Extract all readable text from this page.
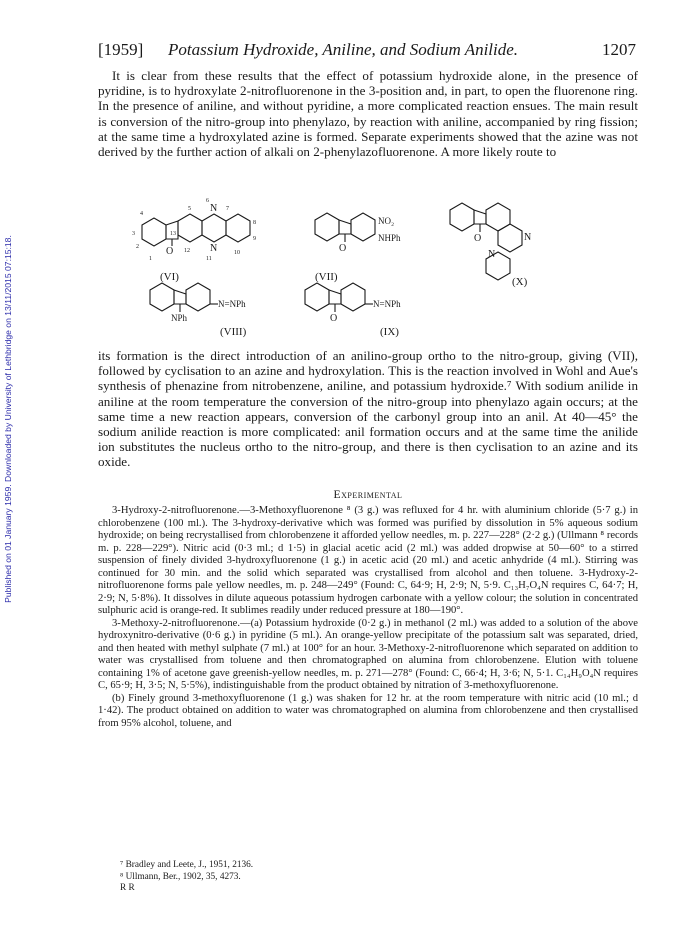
Published on 01 January 1959. Downloaded by University of Lethbridge on 13/11/2015 07:15:18.
[1959] Potassium Hydroxide, Aniline, and Sodium Anilide.	1207

It is clear from these results that the effect of potassium hydroxide alone, in the presence of pyridine, is to hydroxylate 2-nitrofluorenone in the 3-position and, in part, to open the fluorenone ring. In the presence of aniline, and without pyridine, a more complicated reaction ensues. The main result is conversion of the nitro-group into phenylazo, by reaction with aniline, accompanied by ring fission; at the same time a hydroxylated azine is formed. Separate experiments showed that the azine was not derived by the further action of alkali on 2-phenylazofluorenone. A more likely route to

O
N
N
4
3
2
1
5
6
7
8
9
10
11
12
13
(VI)
O
NO₂
NHPh
(VII)
O	N
N
(X)
NPh
N=NPh
(VIII)
O
N=NPh
(IX)

its formation is the direct introduction of an anilino-group ortho to the nitro-group, giving (VII), followed by cyclisation to an azine and hydroxylation. This is the reaction involved in Wohl and Aue's synthesis of phenazine from nitrobenzene, aniline, and potassium hydroxide.⁷ With sodium anilide in aniline at the room temperature the conversion of the nitro-group into phenylazo again occurs; at the same time a new reaction appears, conversion of the carbonyl group into an anil. At 40—45° the sodium anilide reaction is more complicated: anil formation occurs and at the same time the anilide ion substitutes the nucleus ortho to the nitro-group, and there is then cyclisation to an azine and its oxide.

Experimental

3-Hydroxy-2-nitrofluorenone.—3-Methoxyfluorenone ⁸ (3 g.) was refluxed for 4 hr. with aluminium chloride (5·7 g.) in chlorobenzene (100 ml.). The 3-hydroxy-derivative which was formed was purified by dissolution in 5% aqueous sodium hydroxide; on being recrystallised from chlorobenzene it afforded yellow needles, m. p. 227—228° (2·2 g.) (Ullmann ⁸ records m. p. 228—229°). Nitric acid (0·3 ml.; d 1·5) in glacial acetic acid (2 ml.) was added dropwise at 50—60° to a stirred suspension of finely divided 3-hydroxyfluorenone (1 g.) in acetic acid (20 ml.) and acetic anhydride (4 ml.). Stirring was continued for 30 min. and the solid which separated was crystallised from alcohol and then toluene. 3-Hydroxy-2-nitrofluorenone forms pale yellow needles, m. p. 248—249° (Found: C, 64·9; H, 2·9; N, 5·9. C₁₃H₇O₄N requires C, 64·7; H, 2·9; N, 5·8%). It dissolves in dilute aqueous potassium hydrogen carbonate with a yellow colour; the solution in concentrated sulphuric acid is orange-red. It sublimes readily under reduced pressure at 180—190°.

3-Methoxy-2-nitrofluorenone.—(a) Potassium hydroxide (0·2 g.) in methanol (2 ml.) was added to a solution of the above hydroxynitro-derivative (0·6 g.) in pyridine (5 ml.). An orange-yellow precipitate of the potassium salt was separated, dried, and then heated with methyl sulphate (7 ml.) at 100° for an hour. 3-Methoxy-2-nitrofluorenone which separated on addition to water was crystallised from toluene and then chromatographed on alumina from chlorobenzene. Elution with toluene containing 1% of acetone gave greenish-yellow needles, m. p. 271—278° (Found: C, 66·4; H, 3·6; N, 5·1. C₁₄H₉O₄N requires C, 65·9; H, 3·5; N, 5·5%), indistinguishable from the product obtained by nitration of 3-methoxyfluorenone.

(b) Finely ground 3-methoxyfluorenone (1 g.) was shaken for 12 hr. at the room temperature with nitric acid (10 ml.; d 1·42). The product obtained on addition to water was chromatographed on alumina from chlorobenzene and then crystallised from 95% alcohol, toluene, and

⁷ Bradley and Leete, J., 1951, 2136.
⁸ Ullmann, Ber., 1902, 35, 4273.
R R
